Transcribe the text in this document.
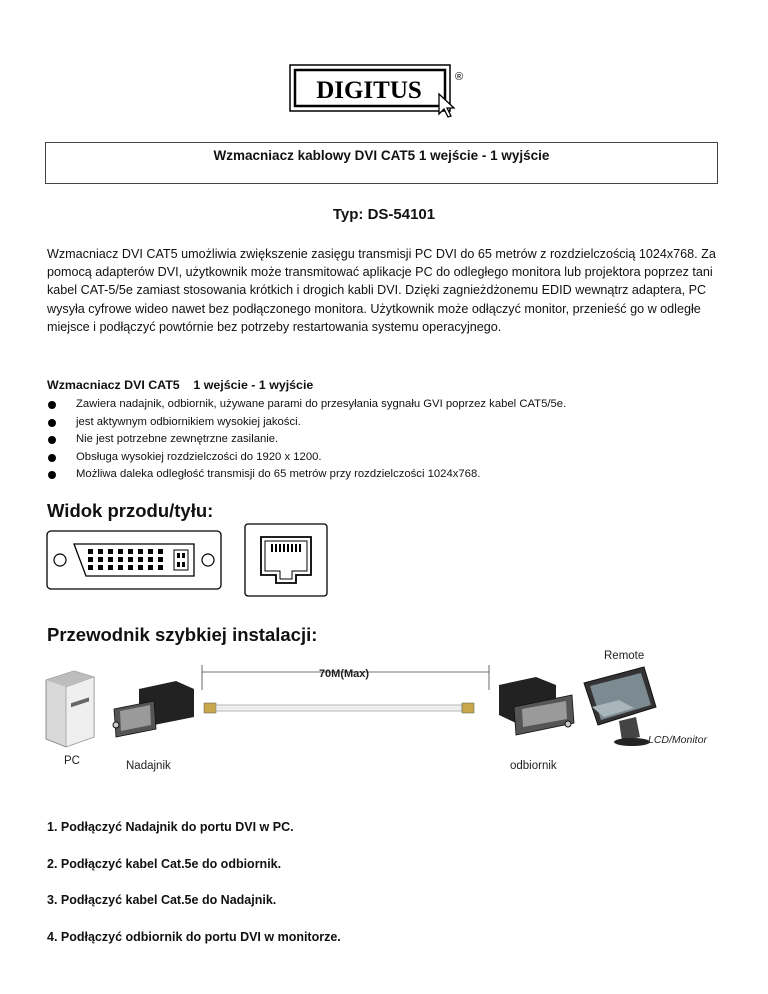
DIGITUS	®
Wzmacniacz kablowy DVI CAT5 1 wejście - 1 wyjście
Typ: DS-54101
Wzmacniacz DVI CAT5 umożliwia zwiększenie zasięgu transmisji PC DVI do 65 metrów z rozdzielczością 1024x768. Za pomocą adapterów DVI, użytkownik może transmitować aplikacje PC do odległego monitora lub projektora poprzez tani kabel CAT-5/5e zamiast stosowania krótkich i drogich kabli DVI. Dzięki zagnieżdżonemu EDID wewnątrz adaptera, PC wysyła cyfrowe wideo nawet bez podłączonego monitora. Użytkownik może odłączyć monitor, przenieść go w odległe miejsce i podłączyć powtórnie bez potrzeby restartowania systemu operacyjnego.
Wzmacniacz DVI CAT5    1 wejście - 1 wyjście
Zawiera nadajnik, odbiornik, używane parami do przesyłania sygnału GVI poprzez kabel CAT5/5e.
jest aktywnym odbiornikiem wysokiej jakości.
Nie jest potrzebne zewnętrzne zasilanie.
Obsługa wysokiej rozdzielczości do 1920 x 1200.
Możliwa daleka odległość transmisji do 65 metrów przy rozdzielczości 1024x768.
Widok przodu/tyłu:
Przewodnik szybkiej instalacji:
Remote
70M(Max)
LCD/Monitor
PC	Nadajnik	odbiornik
1. Podłączyć Nadajnik do portu DVI w PC.
2. Podłączyć kabel Cat.5e do odbiornik.
3. Podłączyć kabel Cat.5e do Nadajnik.
4. Podłączyć odbiornik do portu DVI w monitorze.
